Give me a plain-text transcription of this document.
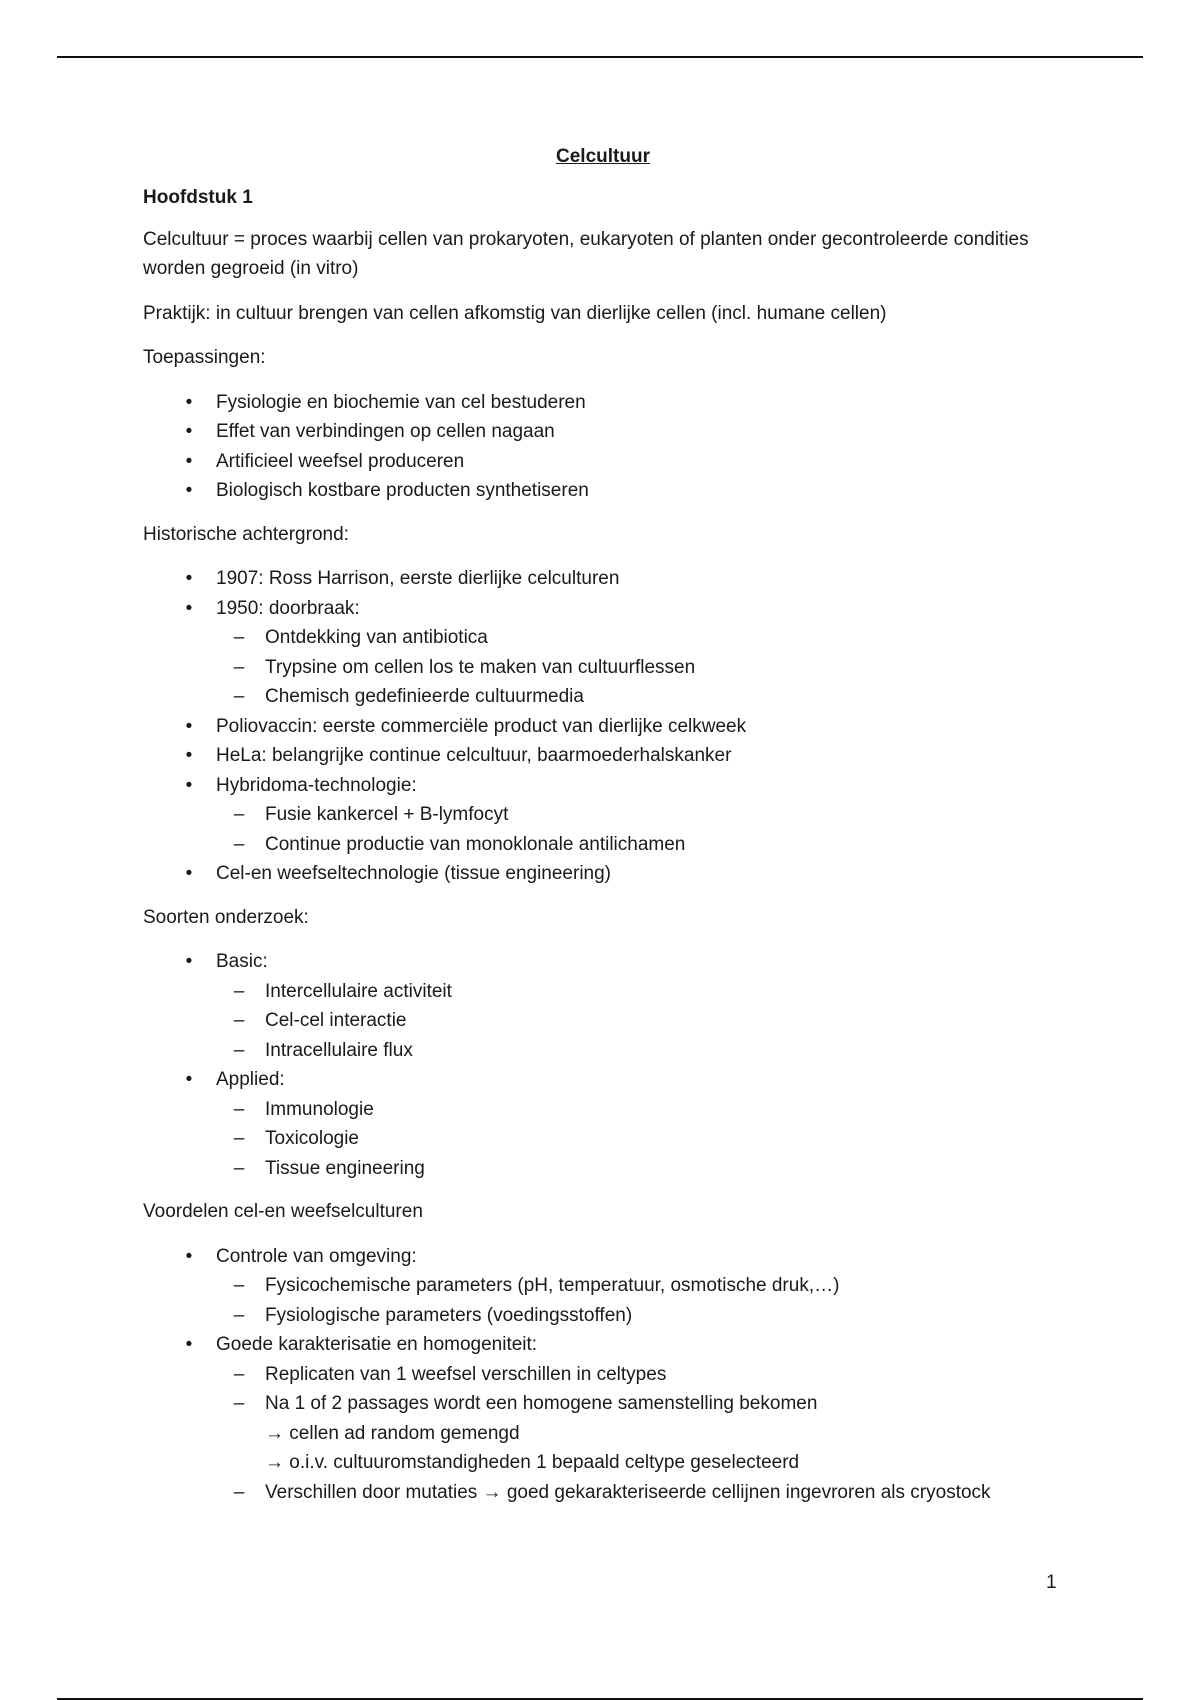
Celcultuur
Hoofdstuk 1

Celcultuur = proces waarbij cellen van prokaryoten, eukaryoten of planten onder gecontroleerde condities worden gegroeid (in vitro)

Praktijk: in cultuur brengen van cellen afkomstig van dierlijke cellen (incl. humane cellen)

Toepassingen:

•	Fysiologie en biochemie van cel bestuderen
•	Effet van verbindingen op cellen nagaan
•	Artificieel weefsel produceren
•	Biologisch kostbare producten synthetiseren

Historische achtergrond:

•	1907: Ross Harrison, eerste dierlijke celculturen
•	1950: doorbraak:
– Ontdekking van antibiotica
– Trypsine om cellen los te maken van cultuurflessen
– Chemisch gedefinieerde cultuurmedia
•	Poliovaccin: eerste commerciële product van dierlijke celkweek
•	HeLa: belangrijke continue celcultuur, baarmoederhalskanker
•	Hybridoma-technologie:
– Fusie kankercel + B-lymfocyt
– Continue productie van monoklonale antilichamen
•	Cel-en weefseltechnologie (tissue engineering)

Soorten onderzoek:

•	Basic:
– Intercellulaire activiteit
– Cel-cel interactie
– Intracellulaire flux
•	Applied:
– Immunologie
– Toxicologie
– Tissue engineering

Voordelen cel-en weefselculturen

•	Controle van omgeving:
– Fysicochemische parameters (pH, temperatuur, osmotische druk,…)
– Fysiologische parameters (voedingsstoffen)
•	Goede karakterisatie en homogeniteit:
– Replicaten van 1 weefsel verschillen in celtypes
– Na 1 of 2 passages wordt een homogene samenstelling bekomen
→ cellen ad random gemengd
→ o.i.v. cultuuromstandigheden 1 bepaald celtype geselecteerd
– Verschillen door mutaties → goed gekarakteriseerde cellijnen ingevroren als cryostock
1
